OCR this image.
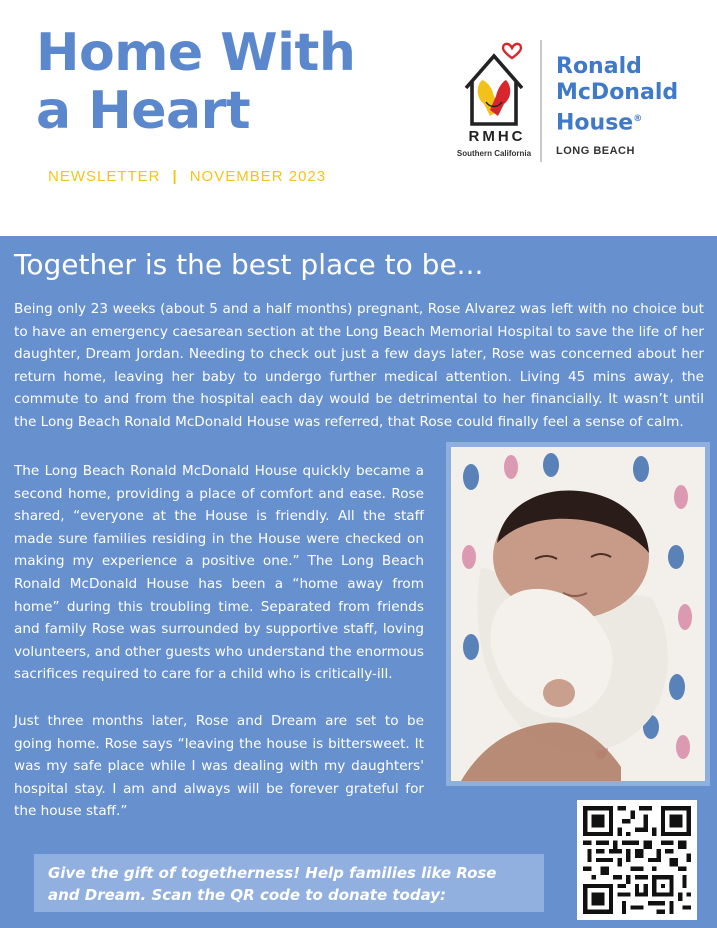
Home With
a Heart
NEWSLETTER | NOVEMBER 2023
RMHC
Southern California
Ronald
McDonald
House®
LONG BEACH
Together is the best place to be...

Being only 23 weeks (about 5 and a half months) pregnant, Rose Alvarez was left with no choice but to have an emergency caesarean section at the Long Beach Memorial Hospital to save the life of her daughter, Dream Jordan. Needing to check out just a few days later, Rose was concerned about her return home, leaving her baby to undergo further medical attention. Living 45 mins away, the commute to and from the hospital each day would be detrimental to her financially. It wasn’t until the Long Beach Ronald McDonald House was referred, that Rose could finally feel a sense of calm.

The Long Beach Ronald McDonald House quickly became a second home, providing a place of comfort and ease. Rose shared, “everyone at the House is friendly. All the staff made sure families residing in the House were checked on making my experience a positive one.” The Long Beach Ronald McDonald House has been a “home away from home” during this troubling time. Separated from friends and family Rose was surrounded by supportive staff, loving volunteers, and other guests who understand the enormous sacrifices required to care for a child who is critically-ill.

Just three months later, Rose and Dream are set to be going home. Rose says “leaving the house is bittersweet. It was my safe place while I was dealing with my daughters' hospital stay. I am and always will be forever grateful for the house staff.”

Give the gift of togetherness! Help families like Rose and Dream. Scan the QR code to donate today:
